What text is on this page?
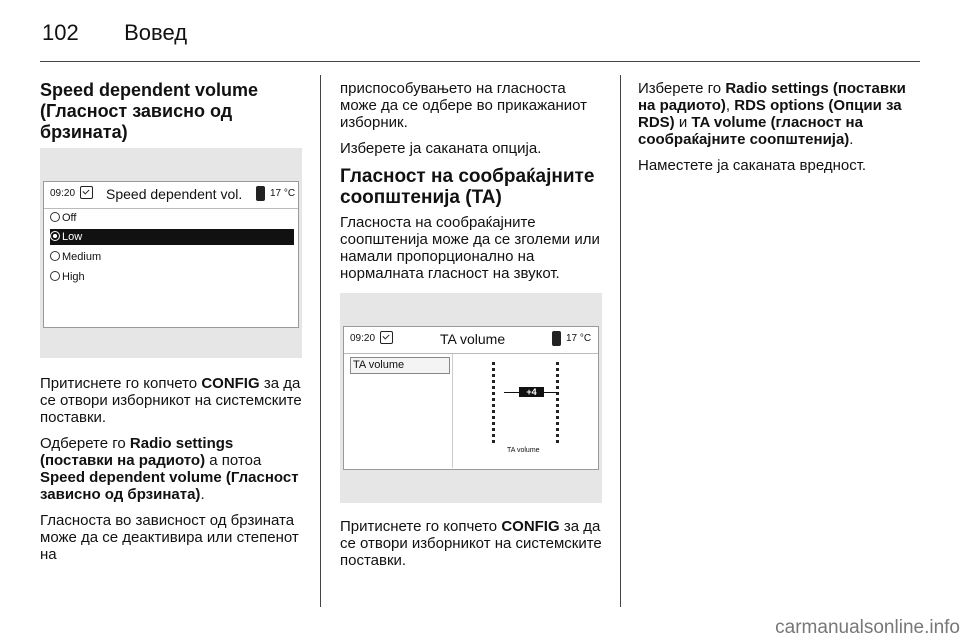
102 Вовед
Speed dependent volume (Гласност зависно од брзината)
09:20 Speed dependent vol.	17 °C
Off
Low
Medium
High

Притиснете го копчето CONFIG за да се отвори изборникот на системските поставки.

Одберете го Radio settings (поставки на радиото) а потоа Speed dependent volume (Гласност зависно од брзината).

Гласноста во зависност од брзината може да се деактивира или степенот на

приспособувањето на гласноста може да се одбере во прикажаниот изборник.

Изберете ја саканата опција.

Гласност на сообраќајните соопштенија (TA)

Гласноста на сообраќајните соопштенија може да се зголеми или намали пропорционално на нормалната гласност на звукот.

09:20	TA volume	17 °C
TA volume
+4
TA volume

Притиснете го копчето CONFIG за да се отвори изборникот на системските поставки.

Изберете го Radio settings (поставки на радиото), RDS options (Опции за RDS) и TA volume (гласност на сообраќајните соопштенија).

Наместете ја саканата вредност.

carmanualsonline.info
